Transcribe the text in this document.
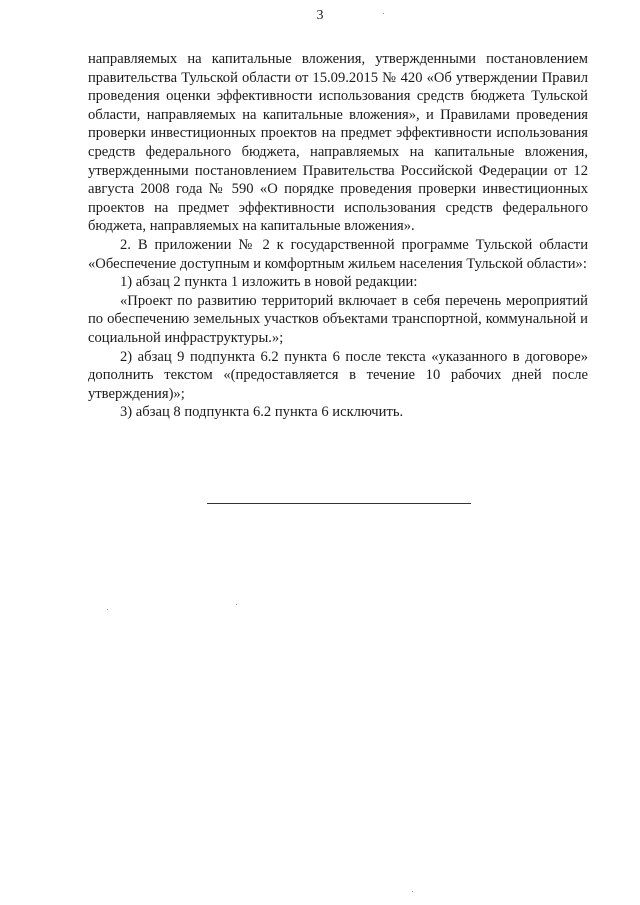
3

направляемых на капитальные вложения, утвержденными постановлением правительства Тульской области от 15.09.2015 № 420 «Об утверждении Правил проведения оценки эффективности использования средств бюджета Тульской области, направляемых на капитальные вложения», и Правилами проведения проверки инвестиционных проектов на предмет эффективности использования средств федерального бюджета, направляемых на капитальные вложения, утвержденными постановлением Правительства Российской Федерации от 12 августа 2008 года № 590 «О порядке проведения проверки инвестиционных проектов на предмет эффективности использования средств федерального бюджета, направляемых на капитальные вложения».

2. В приложении № 2 к государственной программе Тульской области «Обеспечение доступным и комфортным жильем населения Тульской области»:

1) абзац 2 пункта 1 изложить в новой редакции:

«Проект по развитию территорий включает в себя перечень мероприятий по обеспечению земельных участков объектами транспортной, коммунальной и социальной инфраструктуры.»;

2) абзац 9 подпункта 6.2 пункта 6 после текста «указанного в договоре» дополнить текстом «(предоставляется в течение 10 рабочих дней после утверждения)»;

3) абзац 8 подпункта 6.2 пункта 6 исключить.
